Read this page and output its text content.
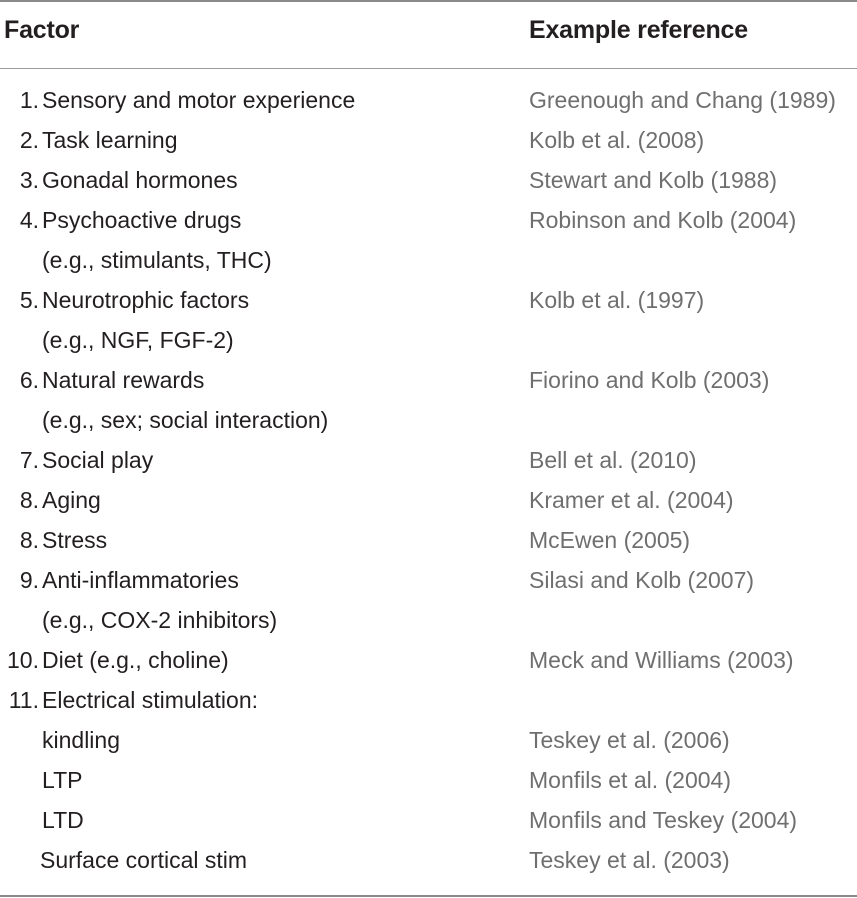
Factor	Example reference
1. Sensory and motor experience	Greenough and Chang (1989)
2. Task learning	Kolb et al. (2008)
3. Gonadal hormones	Stewart and Kolb (1988)
4. Psychoactive drugs	Robinson and Kolb (2004)
(e.g., stimulants, THC)
5. Neurotrophic factors	Kolb et al. (1997)
(e.g., NGF, FGF-2)
6. Natural rewards	Fiorino and Kolb (2003)
(e.g., sex; social interaction)
7. Social play	Bell et al. (2010)
8. Aging	Kramer et al. (2004)
8. Stress	McEwen (2005)
9. Anti-inflammatories	Silasi and Kolb (2007)
(e.g., COX-2 inhibitors)
10. Diet (e.g., choline)	Meck and Williams (2003)
11. Electrical stimulation:
kindling	Teskey et al. (2006)
LTP	Monfils et al. (2004)
LTD	Monfils and Teskey (2004)
Surface cortical stim	Teskey et al. (2003)
